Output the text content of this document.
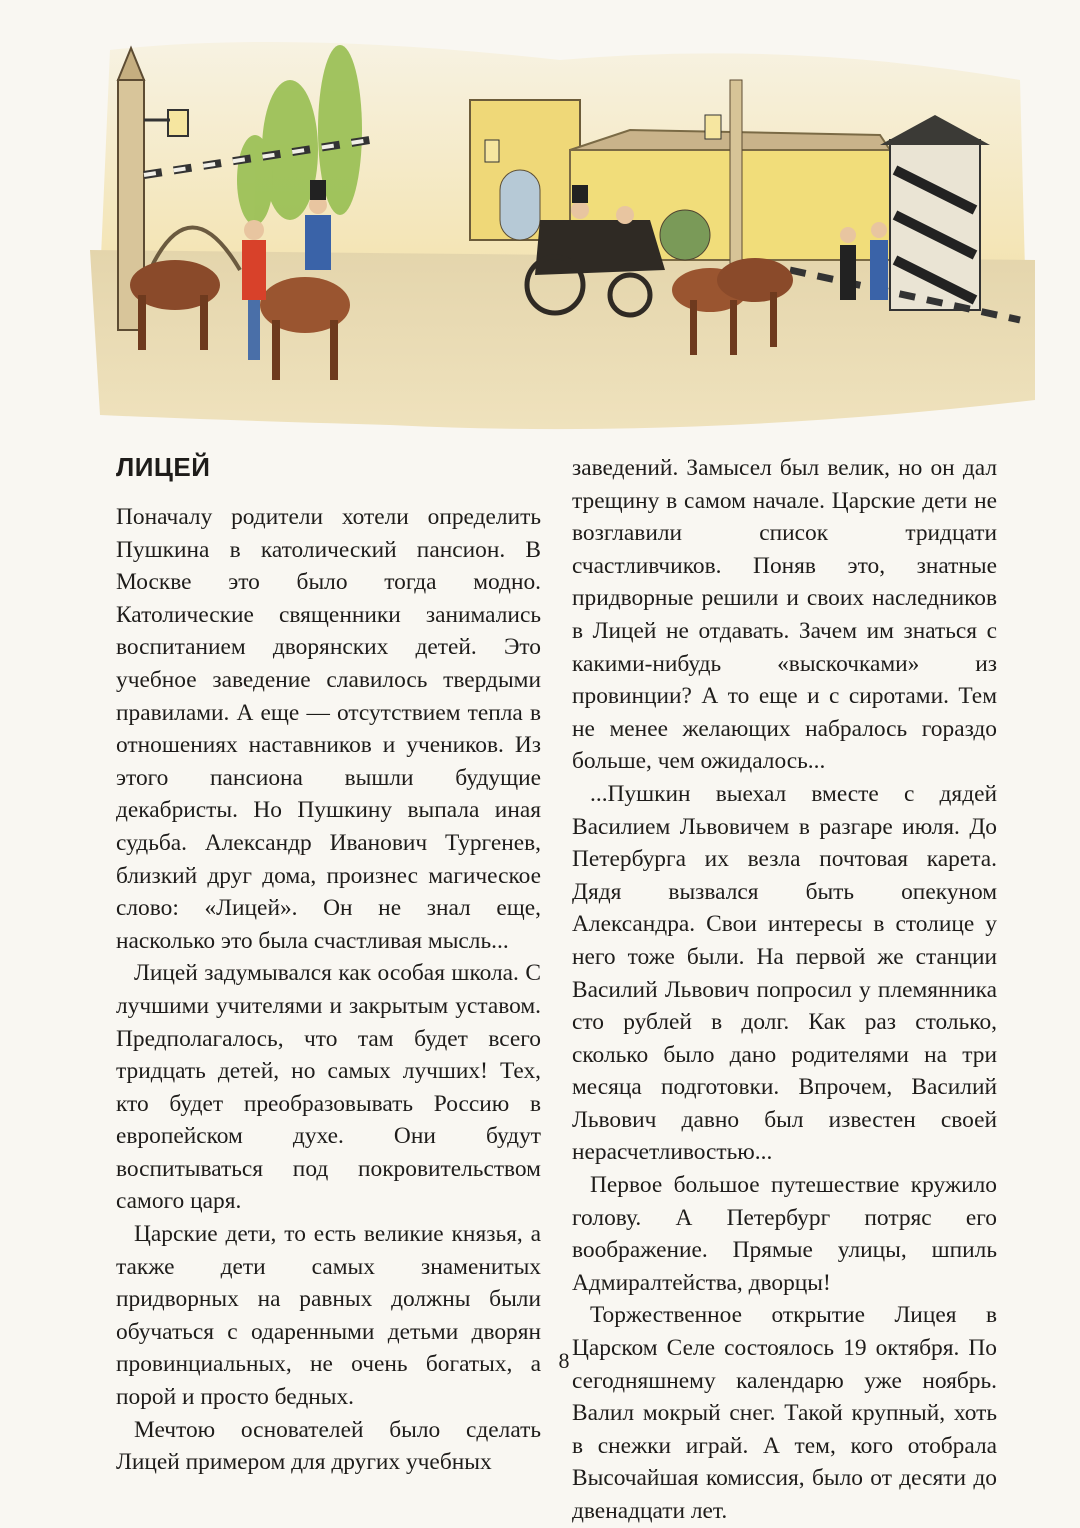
ЛИЦЕЙ

Поначалу родители хотели определить Пушкина в католический пансион. В Москве это было тогда модно. Католические священники занимались воспитанием дворянских детей. Это учебное заведение славилось твердыми правилами. А еще — отсутствием тепла в отношениях наставников и учеников. Из этого пансиона вышли будущие декабристы. Но Пушкину выпала иная судьба. Александр Иванович Тургенев, близкий друг дома, произнес магическое слово: «Лицей». Он не знал еще, насколько это была счастливая мысль...

Лицей задумывался как особая школа. С лучшими учителями и закрытым уставом. Предполагалось, что там будет всего тридцать детей, но самых лучших! Тех, кто будет преобразовывать Россию в европейском духе. Они будут воспитываться под покровительством самого царя.

Царские дети, то есть великие князья, а также дети самых знаменитых придворных на равных должны были обучаться с одаренными детьми дворян провинциальных, не очень богатых, а порой и просто бедных.

Мечтою основателей было сделать Лицей примером для других учебных

заведений. Замысел был велик, но он дал трещину в самом начале. Царские дети не возглавили список тридцати счастливчиков. Поняв это, знатные придворные решили и своих наследников в Лицей не отдавать. Зачем им знаться с какими-нибудь «выскочками» из провинции? А то еще и с сиротами. Тем не менее желающих набралось гораздо больше, чем ожидалось...

...Пушкин выехал вместе с дядей Василием Львовичем в разгаре июля. До Петербурга их везла почтовая карета. Дядя вызвался быть опекуном Александра. Свои интересы в столице у него тоже были. На первой же станции Василий Львович попросил у племянника сто рублей в долг. Как раз столько, сколько было дано родителями на три месяца подготовки. Впрочем, Василий Львович давно был известен своей нерасчетливостью...

Первое большое путешествие кружило голову. А Петербург потряс его воображение. Прямые улицы, шпиль Адмиралтейства, дворцы!

Торжественное открытие Лицея в Царском Селе состоялось 19 октября. По сегодняшнему календарю уже ноябрь. Валил мокрый снег. Такой крупный, хоть в снежки играй. А тем, кого отобрала Высочайшая комиссия, было от десяти до двенадцати лет.

8
